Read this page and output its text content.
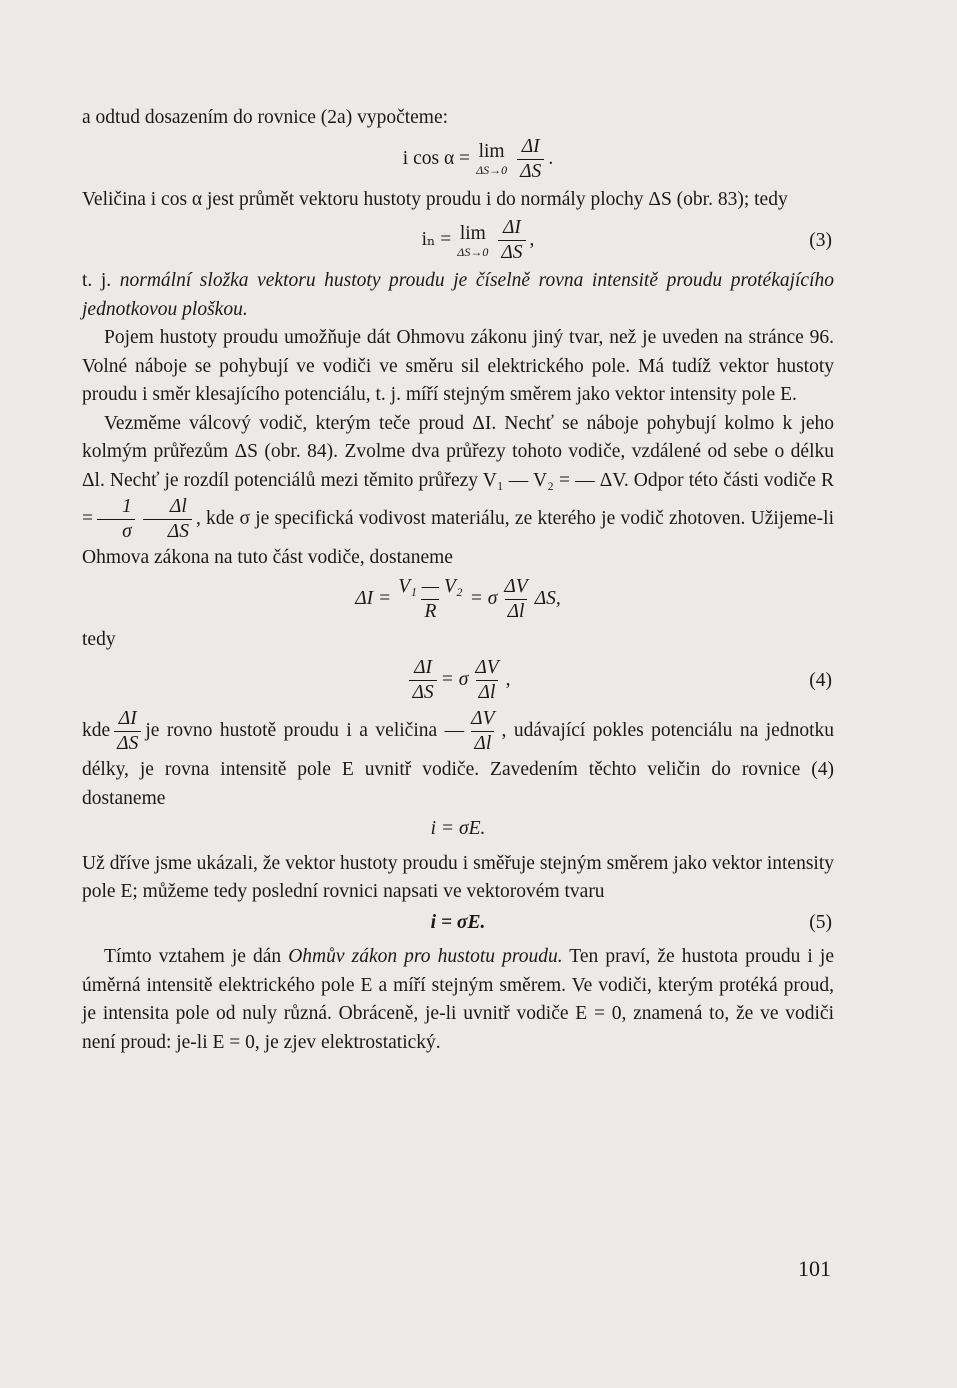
a odtud dosazením do rovnice (2a) vypočteme:

i cos α = lim
$\Delta S\to 0 \frac{\Delta I}{\Delta S}$ .

Veličina i cos α jest průmět vektoru hustoty proudu i do normály plochy ΔS (obr. 83); tedy

iₙ = lim
$\Delta S\to 0 \frac{\Delta I}{\Delta S}$ ,	(3)

t. j. normální složka vektoru hustoty proudu je číselně rovna intensitě proudu protékajícího jednotkovou ploškou.

Pojem hustoty proudu umožňuje dát Ohmovu zákonu jiný tvar, než je uveden na stránce 96. Volné náboje se pohybují ve vodiči ve směru sil elektrického pole. Má tudíž vektor hustoty proudu i směr klesajícího potenciálu, t. j. míří stejným směrem jako vektor intensity pole E.

Vezměme válcový vodič, kterým teče proud ΔI. Nechť se náboje pohybují kolmo k jeho kolmým průřezům ΔS (obr. 84). Zvolme dva průřezy tohoto vodiče, vzdálené od sebe o délku Δl. Nechť je rozdíl potenciálů mezi těmito průřezy V₁ — V₂ = — ΔV. Odpor této části vodiče $R = \frac{1}{\sigma} \frac{\Delta l}{\Delta S}$ , kde σ je specifická vodivost materiálu, ze kterého je vodič zhotoven. Užijeme-li Ohmova zákona na tuto část vodiče, dostaneme

$\Delta I = \frac{\text{V₁ — V₂}}{R} = \sigma \frac{\Delta V}{\Delta l} \Delta S$,

tedy

$\frac{\Delta I}{\Delta S} = \sigma \frac{\Delta V}{\Delta l}$ ,	(4)

kde $\frac{\Delta I}{\Delta S}$ je rovno hustotě proudu i a veličina — $\frac{\Delta V}{\Delta l}$ , udávající pokles potenciálu na jednotku délky, je rovna intensitě pole E uvnitř vodiče. Zavedením těchto veličin do rovnice (4) dostaneme

i = σE.

Už dříve jsme ukázali, že vektor hustoty proudu i směřuje stejným směrem jako vektor intensity pole E; můžeme tedy poslední rovnici napsati ve vektorovém tvaru

i = σE.	(5)

Tímto vztahem je dán Ohmův zákon pro hustotu proudu. Ten praví, že hustota proudu i je úměrná intensitě elektrického pole E a míří stejným směrem. Ve vodiči, kterým protéká proud, je intensita pole od nuly různá. Obráceně, je-li uvnitř vodiče E = 0, znamená to, že ve vodiči není proud: je-li E = 0, je zjev elektrostatický.

101
